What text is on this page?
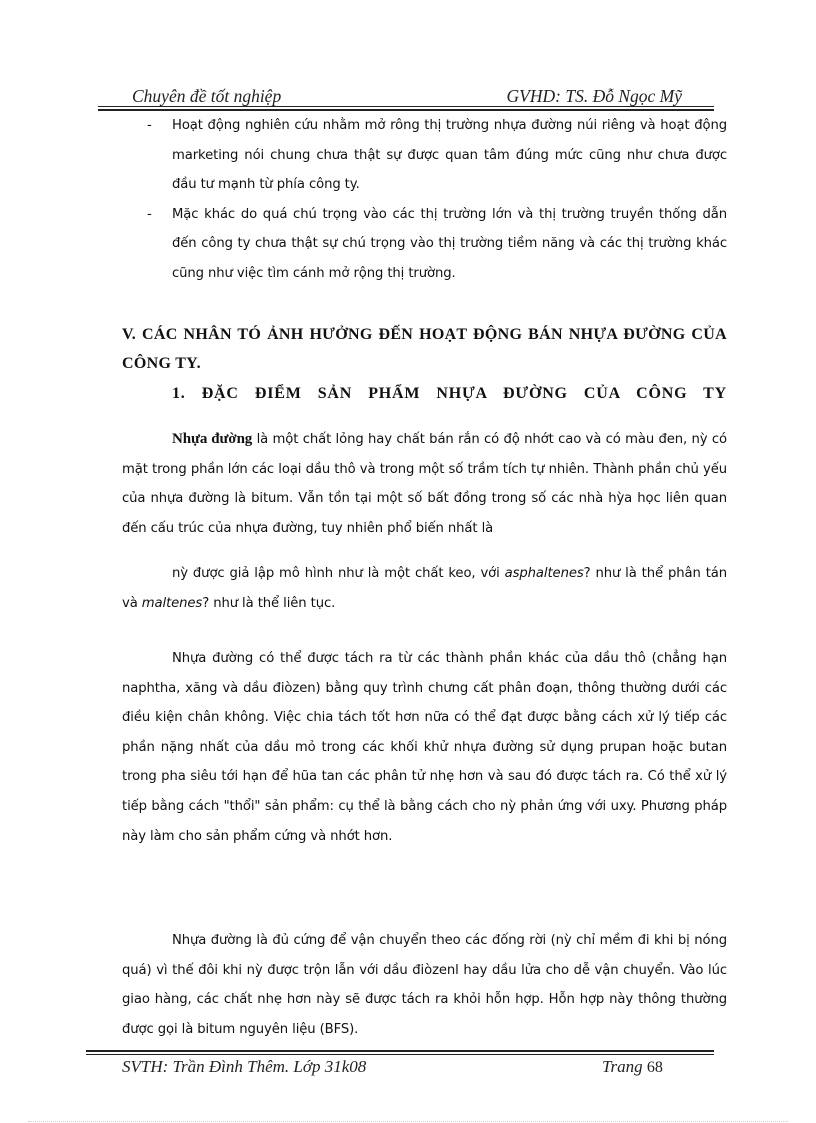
Chuyên đề tốt nghiệp	GVHD: TS. Đỗ Ngọc Mỹ
- Hoạt động nghiên cứu nhằm mở rông thị trường nhựa đường núi riêng và hoạt động marketing nói chung chưa thật sự được quan tâm đúng mức cũng như chưa được đầu tư mạnh từ phía công ty.
- Mặc khác do quá chú trọng vào các thị trường lớn và thị trường truyền thống dẫn đến công ty chưa thật sự chú trọng vào thị trường tiềm năng và các thị trường khác cũng như việc tìm cánh mở rộng thị trường.
V. CÁC NHÂN TÓ ẢNH HƯỞNG ĐẾN HOẠT ĐỘNG BÁN NHỰA ĐƯỜNG CỦA CÔNG TY.
1. ĐẶC ĐIỂM SẢN PHẨM NHỰA ĐƯỜNG CỦA CÔNG TY

Nhựa đường là một chất lỏng hay chất bán rắn có độ nhớt cao và có màu đen, nỳ có mặt trong phần lớn các loại dầu thô và trong một số trầm tích tự nhiên. Thành phần chủ yếu của nhựa đường là bitum. Vẫn tồn tại một số bất đồng trong số các nhà hỳa học liên quan đến cấu trúc của nhựa đường, tuy nhiên phổ biến nhất là

nỳ được giả lập mô hình như là một chất keo, với asphaltenes? như là thể phân tán và maltenes? như là thể liên tục.

Nhựa đường có thể được tách ra từ các thành phần khác của dầu thô (chẳng hạn naphtha, xăng và dầu điòzen) bằng quy trình chưng cất phân đoạn, thông thường dưới các điều kiện chân không. Việc chia tách tốt hơn nữa có thể đạt được bằng cách xử lý tiếp các phần nặng nhất của dầu mỏ trong các khối khử nhựa đường sử dụng prupan hoặc butan trong pha siêu tới hạn để hũa tan các phân tử nhẹ hơn và sau đó được tách ra. Có thể xử lý tiếp bằng cách "thổi" sản phẩm: cụ thể là bằng cách cho nỳ phản ứng với uxy. Phương pháp này làm cho sản phẩm cứng và nhớt hơn.

Nhựa đường là đủ cứng để vận chuyển theo các đống rời (nỳ chỉ mềm đi khi bị nóng quá) vì thế đôi khi nỳ được trộn lẫn với dầu điòzenl hay dầu lửa cho dễ vận chuyển. Vào lúc giao hàng, các chất nhẹ hơn này sẽ được tách ra khỏi hỗn hợp. Hỗn hợp này thông thường được gọi là bitum nguyên liệu (BFS).

SVTH: Trần Đình Thêm. Lớp 31k08	Trang 68
